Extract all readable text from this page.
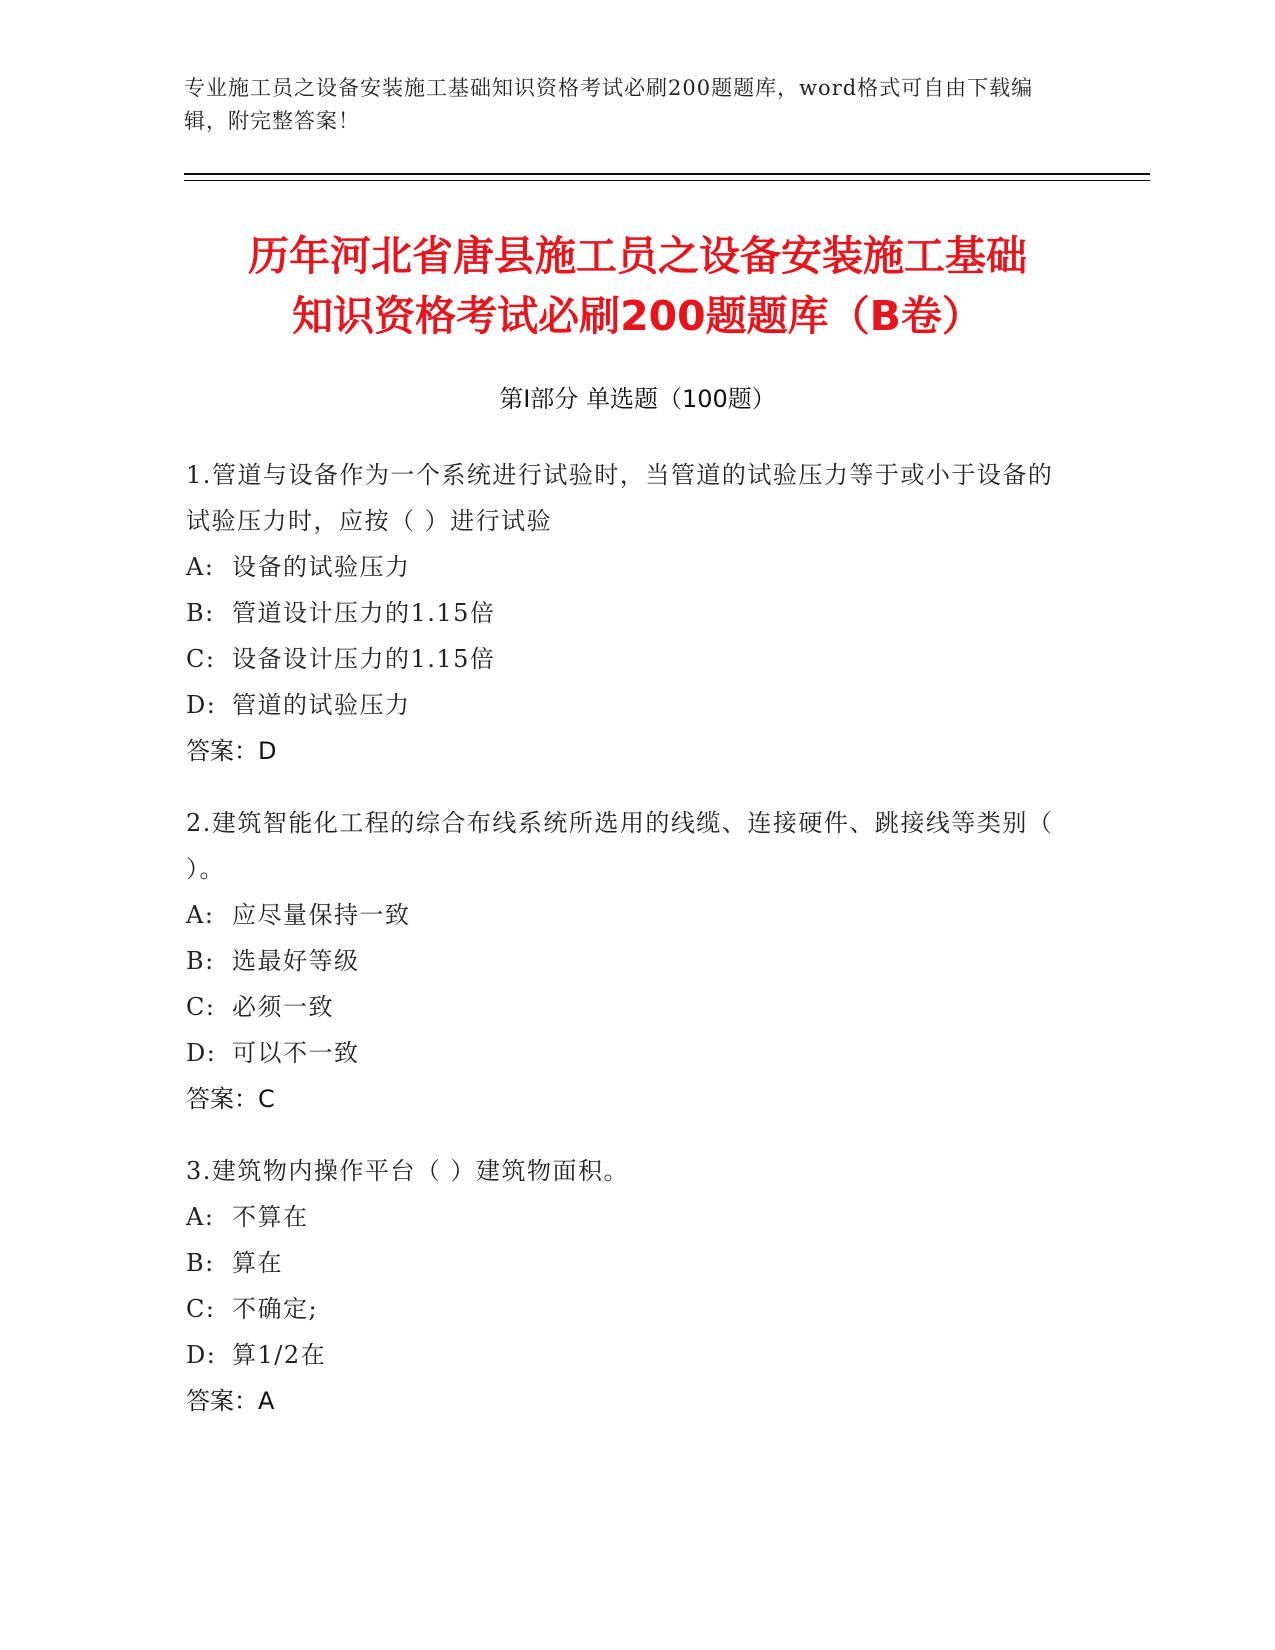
专业施工员之设备安装施工基础知识资格考试必刷200题题库，word格式可自由下载编辑，附完整答案！
历年河北省唐县施工员之设备安装施工基础
知识资格考试必刷200题题库（B卷）
第Ⅰ部分 单选题（100题）
1.管道与设备作为一个系统进行试验时，当管道的试验压力等于或小于设备的试验压力时，应按（ ）进行试验
A: 设备的试验压力
B: 管道设计压力的1.15倍
C: 设备设计压力的1.15倍
D: 管道的试验压力
答案：D
2.建筑智能化工程的综合布线系统所选用的线缆、连接硬件、跳接线等类别（ ）。
A: 应尽量保持一致
B: 选最好等级
C: 必须一致
D: 可以不一致
答案：C
3.建筑物内操作平台（ ）建筑物面积。
A: 不算在
B: 算在
C: 不确定;
D: 算1/2在
答案：A
